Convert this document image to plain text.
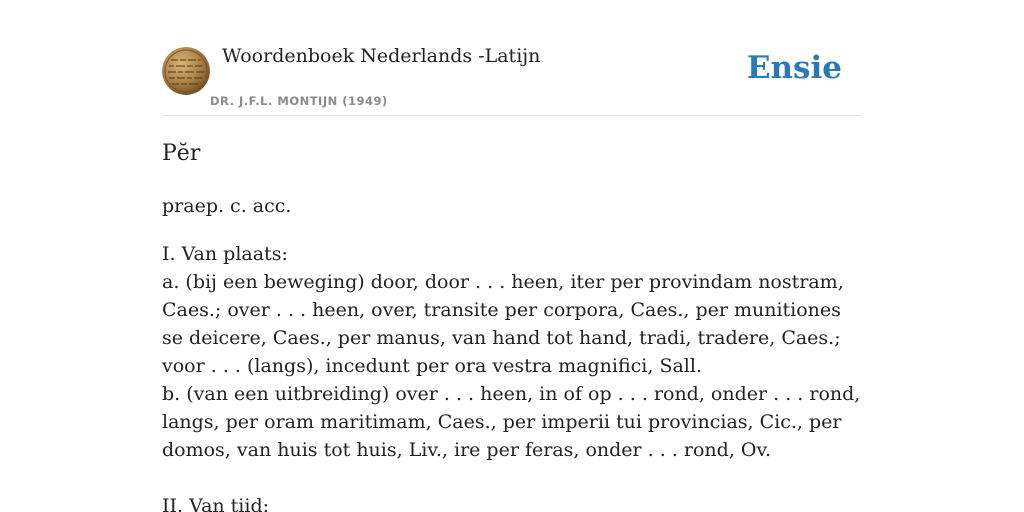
Woordenboek Nederlands -Latijn
DR. J.F.L. MONTIJN (1949)
Ensie
Pĕr
praep. c. acc.
I. Van plaats:
a. (bij een beweging) door, door . . . heen, iter per provindam nostram, Caes.; over . . . heen, over, transite per corpora, Caes., per munitiones se deicere, Caes., per manus, van hand tot hand, tradi, tradere, Caes.; voor . . . (langs), incedunt per ora vestra magnifici, Sall.
b. (van een uitbreiding) over . . . heen, in of op . . . rond, onder . . . rond, langs, per oram maritimam, Caes., per imperii tui provincias, Cic., per domos, van huis tot huis, Liv., ire per feras, onder . . . rond, Ov.
II. Van tiid:
